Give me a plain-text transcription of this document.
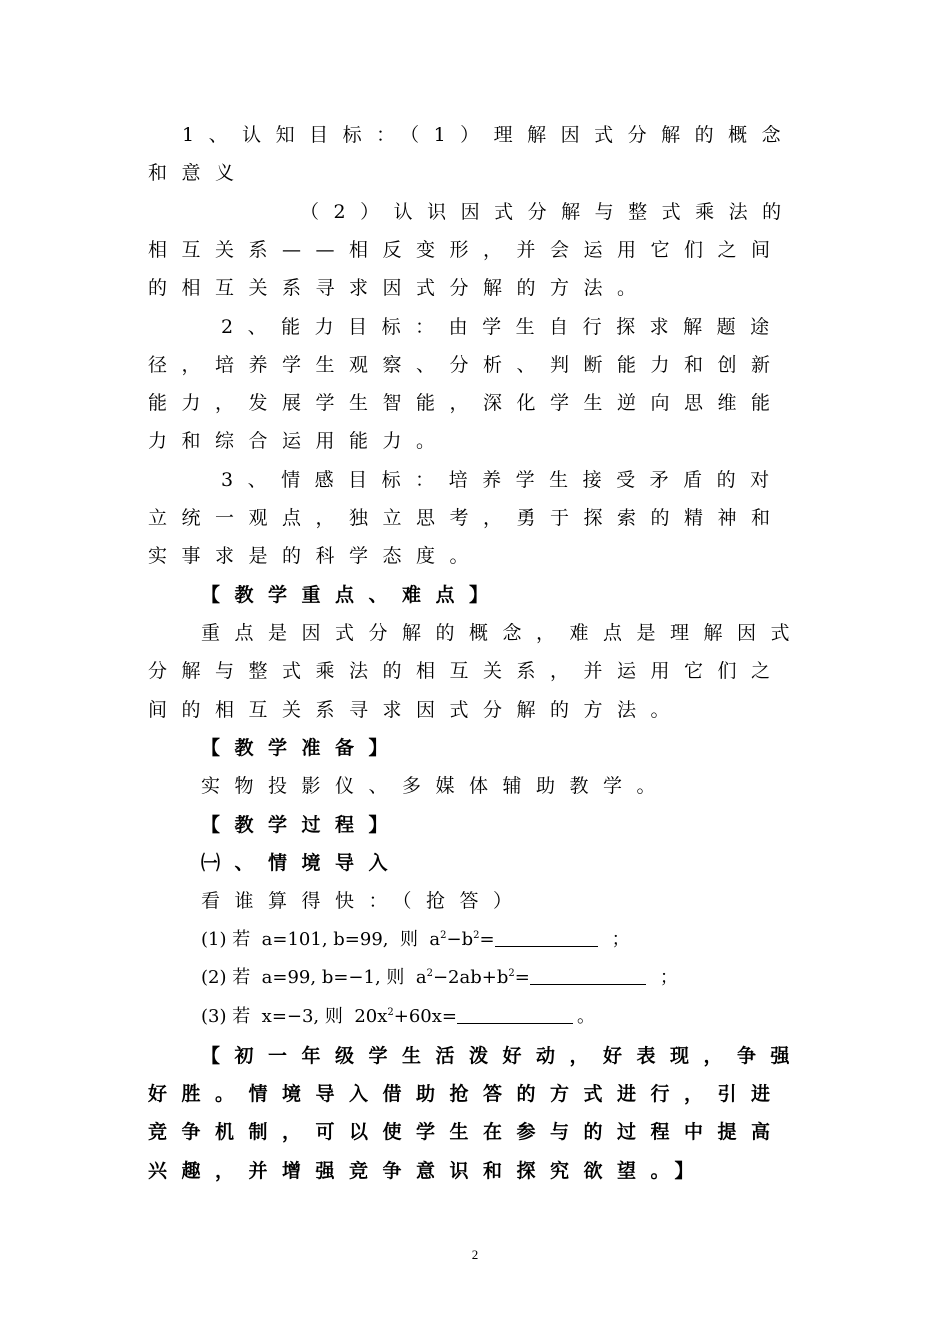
1、认知目标：（1）理解因式分解的概念
和意义
（2）认识因式分解与整式乘法的
相互关系——相反变形，并会运用它们之间
的相互关系寻求因式分解的方法。
2、能力目标：由学生自行探求解题途
径，培养学生观察、分析、判断能力和创新
能力，发展学生智能，深化学生逆向思维能
力和综合运用能力。
3、情感目标：培养学生接受矛盾的对
立统一观点，独立思考，勇于探索的精神和
实事求是的科学态度。
【教学重点、难点】
重点是因式分解的概念，难点是理解因式
分解与整式乘法的相互关系，并运用它们之
间的相互关系寻求因式分解的方法。
【教学准备】
实物投影仪、多媒体辅助教学。
【教学过程】
㈠、情境导入
看谁算得快：（抢答）
(1) 若  a=101, b=99,  则  $a^2-b^2=$	；
(2) 若  a=99, b=−1, 则  $a^2-2ab+b^2=$	；
(3) 若  x=−3, 则  $20x^2+60x=$	。
【初一年级学生活泼好动，好表现，争强
好胜。情境导入借助抢答的方式进行，引进
竞争机制，可以使学生在参与的过程中提高
兴趣，并增强竞争意识和探究欲望。】
2
